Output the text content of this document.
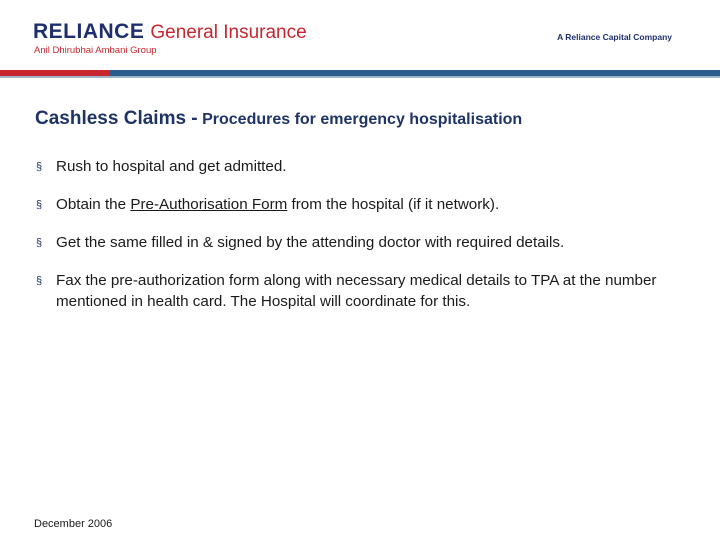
RELIANCE General Insurance
Anil Dhirubhai Ambani Group
A Reliance Capital Company
Cashless Claims - Procedures for emergency hospitalisation
§ Rush to hospital and get admitted.
§ Obtain the Pre-Authorisation Form from the hospital (if it network).
§ Get the same filled in & signed by the attending doctor with required details.
§ Fax the pre-authorization form along with necessary medical details to TPA at the number mentioned in health card. The Hospital will coordinate for this.
December 2006
